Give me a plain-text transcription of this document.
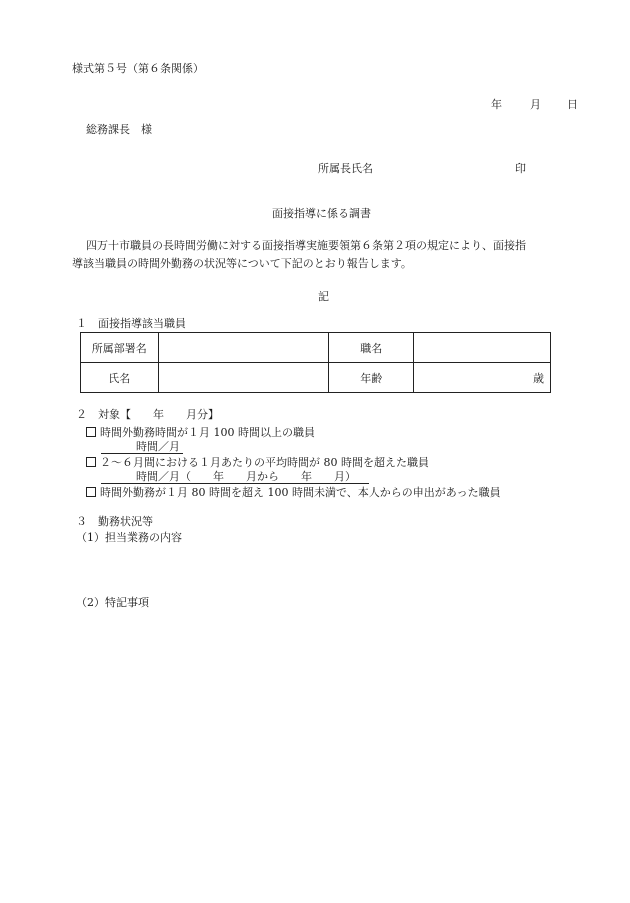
様式第５号（第６条関係）
年	月 日
総務課長　様
所属長氏名	印
面接指導に係る調書
四万十市職員の長時間労働に対する面接指導実施要領第６条第２項の規定により、面接指
導該当職員の時間外勤務の状況等について下記のとおり報告します。
記
１　面接指導該当職員
所属部署名		職名	
氏名		年齢	歳
２　対象【　　年　　月分】
時間外勤務時間が１月 100 時間以上の職員
時間／月
２～６月間における１月あたりの平均時間が 80 時間を超えた職員
時間／月（　　年　　月から　　年　　月）
時間外勤務が１月 80 時間を超え 100 時間未満で、本人からの申出があった職員
３　勤務状況等
（1）担当業務の内容
（2）特記事項
